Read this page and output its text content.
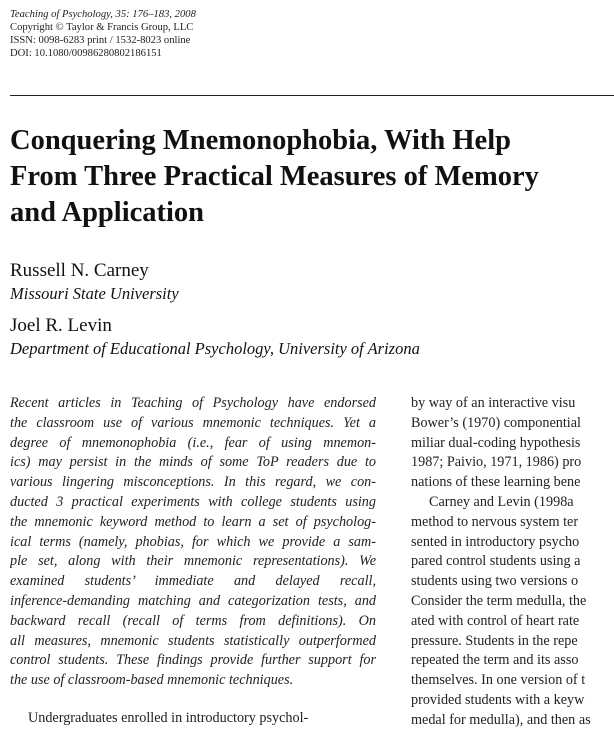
Teaching of Psychology, 35: 176–183, 2008
Copyright © Taylor & Francis Group, LLC
ISSN: 0098-6283 print / 1532-8023 online
DOI: 10.1080/00986280802186151
Conquering Mnemonophobia, With Help
From Three Practical Measures of Memory
and Application
Russell N. Carney
Missouri State University
Joel R. Levin
Department of Educational Psychology, University of Arizona
Recent articles in Teaching of Psychology have endorsed
the classroom use of various mnemonic techniques. Yet a
degree of mnemonophobia (i.e., fear of using mnemon-
ics) may persist in the minds of some ToP readers due to
various lingering misconceptions. In this regard, we con-
ducted 3 practical experiments with college students using
the mnemonic keyword method to learn a set of psycholog-
ical terms (namely, phobias, for which we provide a sam-
ple set, along with their mnemonic representations). We
examined students’ immediate and delayed recall,
inference-demanding matching and categorization tests, and
backward recall (recall of terms from definitions). On
all measures, mnemonic students statistically outperformed
control students. These findings provide further support for
the use of classroom-based mnemonic techniques.
Undergraduates enrolled in introductory psychol-
by way of an interactive visu
Bower’s (1970) componential
miliar dual-coding hypothesis
1987; Paivio, 1971, 1986) pro
nations of these learning bene
Carney and Levin (1998a
method to nervous system ter
sented in introductory psycho
pared control students using a
students using two versions o
Consider the term medulla, the
ated with control of heart rate
pressure. Students in the repe
repeated the term and its asso
themselves. In one version of t
provided students with a keyw
medal for medulla), and then as
